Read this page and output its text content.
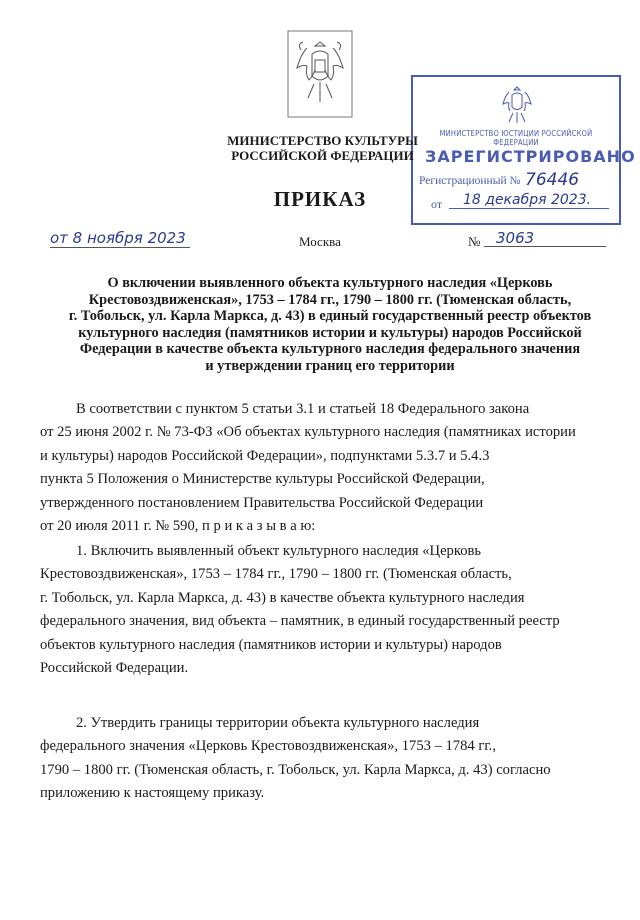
МИНИСТЕРСТВО ЮСТИЦИИ РОССИЙСКОЙ ФЕДЕРАЦИИ
ЗАРЕГИСТРИРОВАНО
Регистрационный № 76446
от	18 декабря 2023.
МИНИСТЕРСТВО КУЛЬТУРЫ
РОССИЙСКОЙ ФЕДЕРАЦИИ
ПРИКАЗ
от 8 ноября 2023	Москва	№	3063
О включении выявленного объекта культурного наследия «Церковь
Крестовоздвиженская», 1753 – 1784 гг., 1790 – 1800 гг. (Тюменская область,
г. Тобольск, ул. Карла Маркса, д. 43) в единый государственный реестр объектов
культурного наследия (памятников истории и культуры) народов Российской
Федерации в качестве объекта культурного наследия федерального значения
и утверждении границ его территории
В соответствии с пунктом 5 статьи 3.1 и статьей 18 Федерального закона
от 25 июня 2002 г. № 73-ФЗ «Об объектах культурного наследия (памятниках истории
и культуры) народов Российской Федерации», подпунктами 5.3.7 и 5.4.3
пункта 5 Положения о Министерстве культуры Российской Федерации,
утвержденного постановлением Правительства Российской Федерации
от 20 июля 2011 г. № 590, п р и к а з ы в а ю:
1. Включить выявленный объект культурного наследия «Церковь
Крестовоздвиженская», 1753 – 1784 гг., 1790 – 1800 гг. (Тюменская область,
г. Тобольск, ул. Карла Маркса, д. 43) в качестве объекта культурного наследия
федерального значения, вид объекта – памятник, в единый государственный реестр
объектов культурного наследия (памятников истории и культуры) народов
Российской Федерации.
2. Утвердить границы территории объекта культурного наследия
федерального значения «Церковь Крестовоздвиженская», 1753 – 1784 гг.,
1790 – 1800 гг. (Тюменская область, г. Тобольск, ул. Карла Маркса, д. 43) согласно
приложению к настоящему приказу.
